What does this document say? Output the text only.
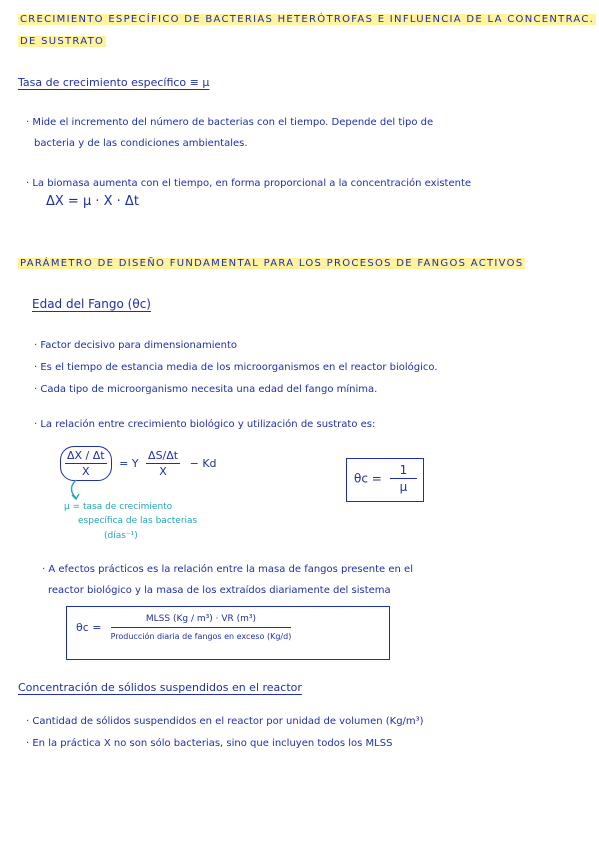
CRECIMIENTO ESPECÍFICO DE BACTERIAS HETERÓTROFAS E INFLUENCIA DE LA CONCENTRAC.
DE SUSTRATO
Tasa de crecimiento específico ≡ μ
· Mide el incremento del número de bacterias con el tiempo. Depende del tipo de
bacteria y de las condiciones ambientales.
· La biomasa aumenta con el tiempo, en forma proporcional a la concentración existente
ΔX = μ · X · Δt
PARÁMETRO DE DISEÑO FUNDAMENTAL PARA LOS PROCESOS DE FANGOS ACTIVOS
Edad del Fango (θc)
· Factor decisivo para dimensionamiento
· Es el tiempo de estancia media de los microorganismos en el reactor biológico.
· Cada tipo de microorganismo necesita una edad del fango mínima.
· La relación entre crecimiento biológico y utilización de sustrato es:
$\frac{\Delta X / \Delta t}{X} = Y \frac{\Delta S/\Delta t}{X} - Kd$
μ = tasa de crecimiento
específica de las bacterias
(días⁻¹)
$\theta c = \frac{1}{\mu}$
· A efectos prácticos es la relación entre la masa de fangos presente en el
reactor biológico y la masa de los extraídos diariamente del sistema
$\theta c = \frac{\text{MLSS (Kg / m³) · VR (m³)}}{\text{Producción diaria de fangos en exceso (Kg/d)}}$
Concentración de sólidos suspendidos en el reactor
· Cantidad de sólidos suspendidos en el reactor por unidad de volumen (Kg/m³)
· En la práctica X no son sólo bacterias, sino que incluyen todos los MLSS
